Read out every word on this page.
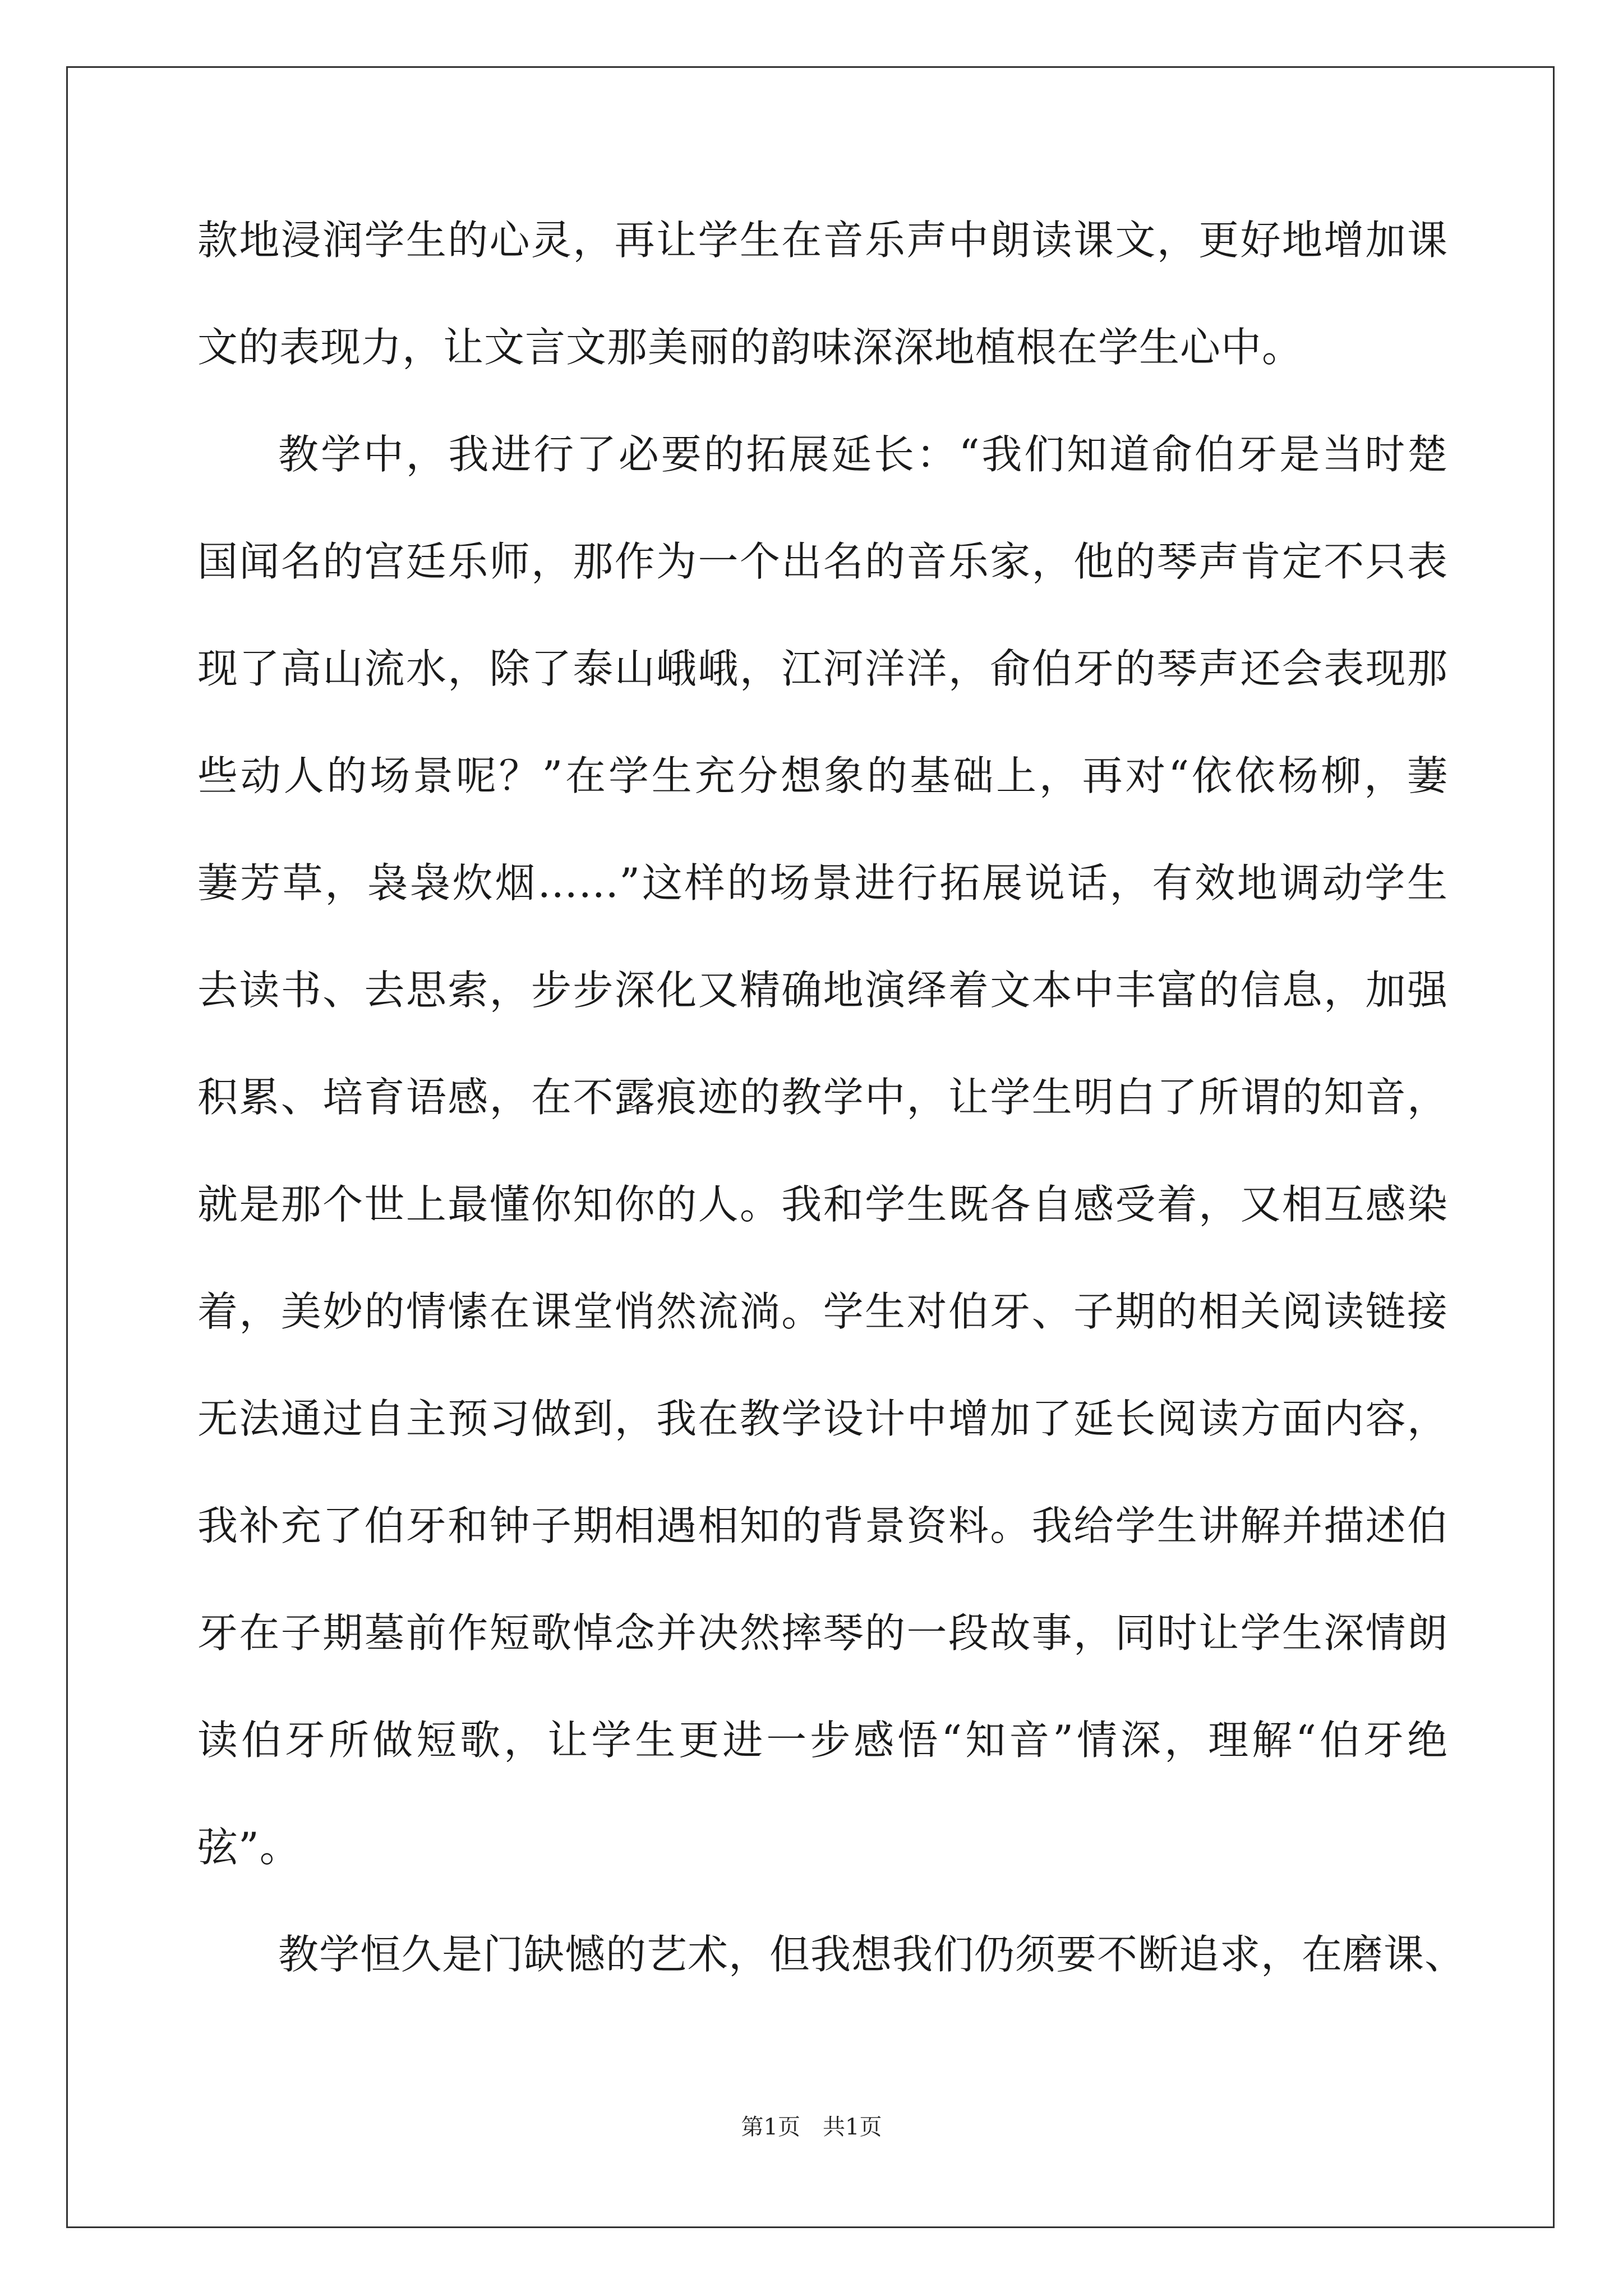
款地浸润学生的心灵，再让学生在音乐声中朗读课文，更好地增加课
文的表现力，让文言文那美丽的韵味深深地植根在学生心中。
教学中，我进行了必要的拓展延长：“我们知道俞伯牙是当时楚
国闻名的宫廷乐师，那作为一个出名的音乐家，他的琴声肯定不只表
现了高山流水，除了泰山峨峨，江河洋洋，俞伯牙的琴声还会表现那
些动人的场景呢？”在学生充分想象的基础上，再对“依依杨柳，萋
萋芳草，袅袅炊烟……”这样的场景进行拓展说话，有效地调动学生
去读书、去思索，步步深化又精确地演绎着文本中丰富的信息，加强
积累、培育语感，在不露痕迹的教学中，让学生明白了所谓的知音，
就是那个世上最懂你知你的人。我和学生既各自感受着，又相互感染
着，美妙的情愫在课堂悄然流淌。学生对伯牙、子期的相关阅读链接
无法通过自主预习做到，我在教学设计中增加了延长阅读方面内容，
我补充了伯牙和钟子期相遇相知的背景资料。我给学生讲解并描述伯
牙在子期墓前作短歌悼念并决然摔琴的一段故事，同时让学生深情朗
读伯牙所做短歌，让学生更进一步感悟“知音”情深，理解“伯牙绝
弦”。
教学恒久是门缺憾的艺术，但我想我们仍须要不断追求，在磨课、
第1页　共1页
